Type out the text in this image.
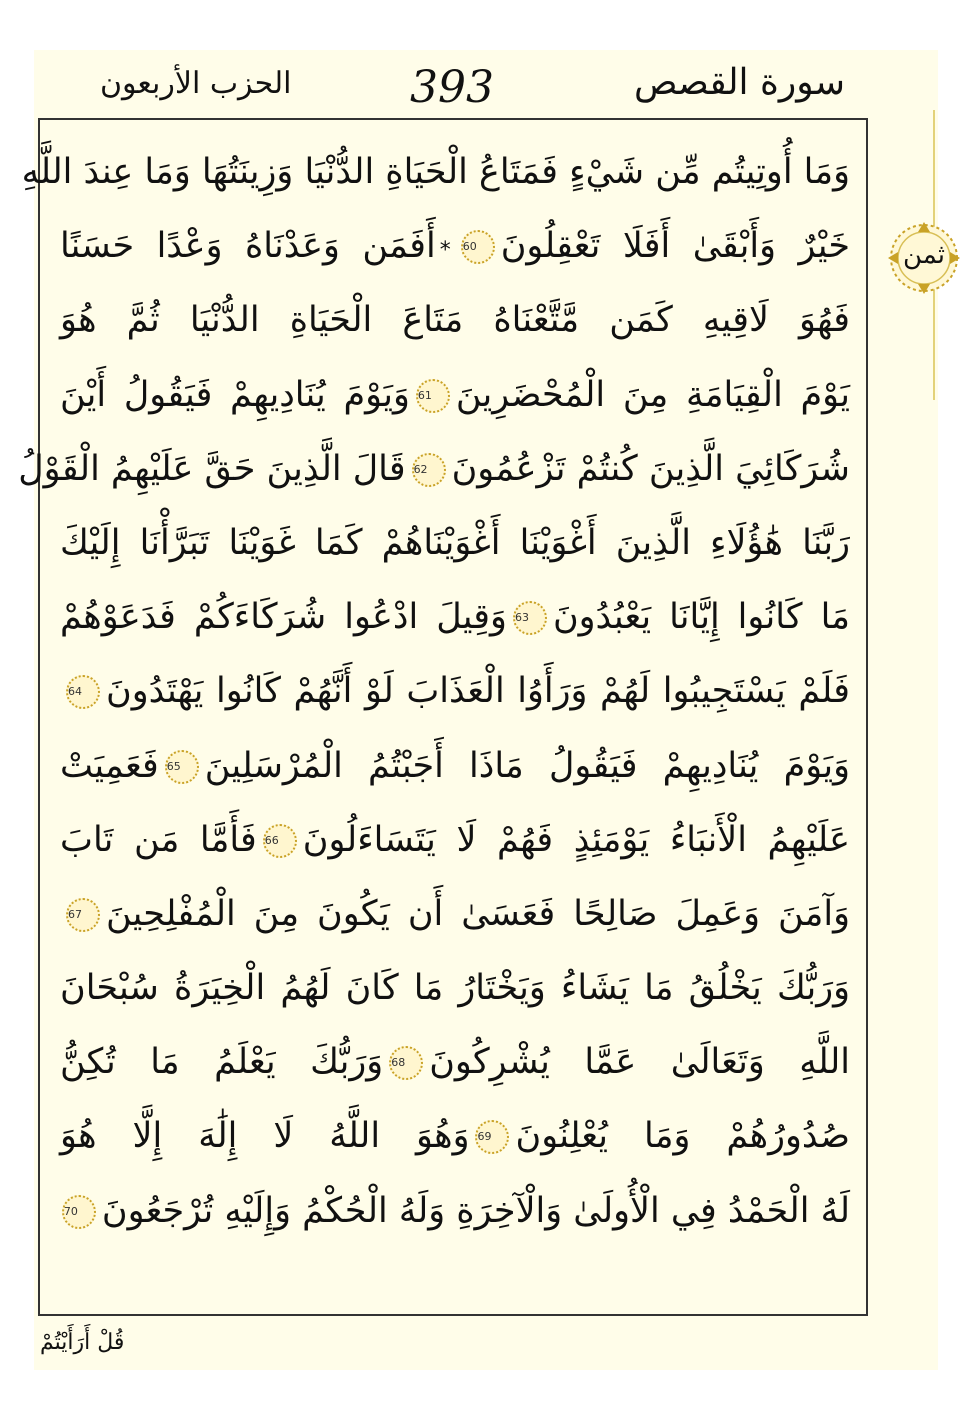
الحزب الأربعون	393	سورة القصص
وَمَا أُوتِيتُم مِّن شَيْءٍ فَمَتَاعُ الْحَيَاةِ الدُّنْيَا وَزِينَتُهَا وَمَا عِندَ اللَّهِ
خَيْرٌ وَأَبْقَىٰ أَفَلَا تَعْقِلُونَ60*أَفَمَن وَعَدْنَاهُ وَعْدًا حَسَنًا
فَهُوَ لَاقِيهِ كَمَن مَّتَّعْنَاهُ مَتَاعَ الْحَيَاةِ الدُّنْيَا ثُمَّ هُوَ
يَوْمَ الْقِيَامَةِ مِنَ الْمُحْضَرِينَ61وَيَوْمَ يُنَادِيهِمْ فَيَقُولُ أَيْنَ
شُرَكَائِيَ الَّذِينَ كُنتُمْ تَزْعُمُونَ62قَالَ الَّذِينَ حَقَّ عَلَيْهِمُ الْقَوْلُ
رَبَّنَا هَٰؤُلَاءِ الَّذِينَ أَغْوَيْنَا أَغْوَيْنَاهُمْ كَمَا غَوَيْنَا تَبَرَّأْنَا إِلَيْكَ
مَا كَانُوا إِيَّانَا يَعْبُدُونَ63وَقِيلَ ادْعُوا شُرَكَاءَكُمْ فَدَعَوْهُمْ
فَلَمْ يَسْتَجِيبُوا لَهُمْ وَرَأَوُا الْعَذَابَ لَوْ أَنَّهُمْ كَانُوا يَهْتَدُونَ64
وَيَوْمَ يُنَادِيهِمْ فَيَقُولُ مَاذَا أَجَبْتُمُ الْمُرْسَلِينَ65فَعَمِيَتْ
عَلَيْهِمُ الْأَنبَاءُ يَوْمَئِذٍ فَهُمْ لَا يَتَسَاءَلُونَ66فَأَمَّا مَن تَابَ
وَآمَنَ وَعَمِلَ صَالِحًا فَعَسَىٰ أَن يَكُونَ مِنَ الْمُفْلِحِينَ67
وَرَبُّكَ يَخْلُقُ مَا يَشَاءُ وَيَخْتَارُ مَا كَانَ لَهُمُ الْخِيَرَةُ سُبْحَانَ
اللَّهِ وَتَعَالَىٰ عَمَّا يُشْرِكُونَ68وَرَبُّكَ يَعْلَمُ مَا تُكِنُّ
صُدُورُهُمْ وَمَا يُعْلِنُونَ69وَهُوَ اللَّهُ لَا إِلَٰهَ إِلَّا هُوَ
لَهُ الْحَمْدُ فِي الْأُولَىٰ وَالْآخِرَةِ وَلَهُ الْحُكْمُ وَإِلَيْهِ تُرْجَعُونَ70
ثمن
قُلْ أَرَأَيْتُمْ
